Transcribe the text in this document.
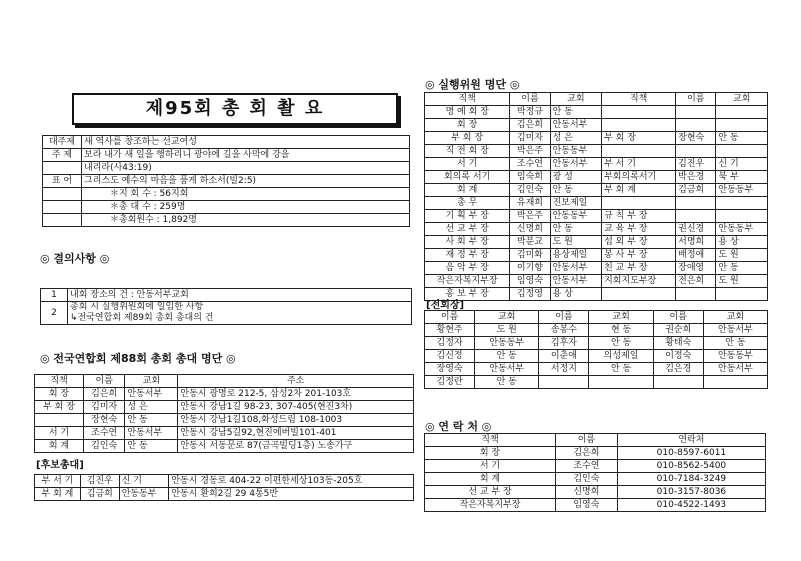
제95회 총 회 촬 요
대주제	새 역사를 창조하는 선교여성
주 제	보라 내가 새 일을 행하리니 광야에 길을 사막에 강을
	내리라(사43:19)
표 어	그리스도 예수의 마음을 품게 하소서(빌2:5)
	＊지 회 수 : 56지회
	＊총 대 수 : 259명
	＊총회원수 : 1,892명
◎ 결의사항 ◎
1	내회 장소의 건 : 안동서부교회

2	총회 시 실행위원회에 일임한 사항
↳전국연합회 제89회 총회 총대의 건
◎ 전국연합회 제88회 총회 총대 명단 ◎
직책	이름	교회	주소
회 장	김은희	안동서부	안동시 광명로 212-5, 삼성2차 201-103호
부 회 장	김미자	성 은	안동시 강남1길 98-23, 307-405(현진3차)
	장현숙	안 동	안동시 강남1길108,화성드림 108-1003
서 기	조수연	안동서부	안동시 강남5길92,현진에버빌101-401
회 계	김인숙	안 동	안동시 서동문로 87(금곡빌딩1층) 노송가구
[후보총대]
부 서 기	김진우	신 기	안동시 경동로 404-22 이편한세상103동-205호
부 회 계	김금희	안동동부	안동시 환희2길 29 4통5반
◎ 실행위원 명단 ◎
직책	이름	교회	직책	이름	교회
명 예 회 장	박정규	안 동			
회 장	김은희	안동서부			
부 회 장	김미자	성 은	부 회 장	장현숙	안 동
직 전 회 장	박은주	안동동부			
서 기	조수연	안동서부	부 서 기	김진우	신 기
회의록 서기	임숙희	광 성	부회의록서기	박은경	북 부
회 계	김인숙	안 동	부 회 계	김금희	안동동부
총 무	유재희	진보제일			
기 획 부 장	박은주	안동동부	규 칙 부 장		
선 교 부 장	신명희	안 동	교 육 부 장	권신경	안동동부
사 회 부 장	박분교	도 원	섭 외 부 장	서명희	용 상
재 정 부 장	김미화	용상제일	봉 사 부 장	배정애	도 원
음 악 부 장	이기향	안동서부	친 교 부 장	장애영	안 동
작은자복지부장	임영숙	안동서부	지회지도부장	전은희	도 원
홍 보 부 장	김정영	용 상			
[전회장]
이름	교회	이름	교회	이름	교회
황현주	도 원	송봉수	현 동	권순희	안동서부
김정자	안동동부	김후자	안 동	황태숙	안 동
김신정	안 동	이춘애	의성제일	이정숙	안동동부
장영숙	안동서부	서정지	안 동	김은경	안동서부
김정란	안 동				
◎ 연 락 처 ◎
직책	이름	연락처
회 장	김은희	010-8597-6011
서 기	조수연	010-8562-5400
회 계	김인숙	010-7184-3249
선 교 부 장	신명희	010-3157-8036
작은자복지부장	임영숙	010-4522-1493
